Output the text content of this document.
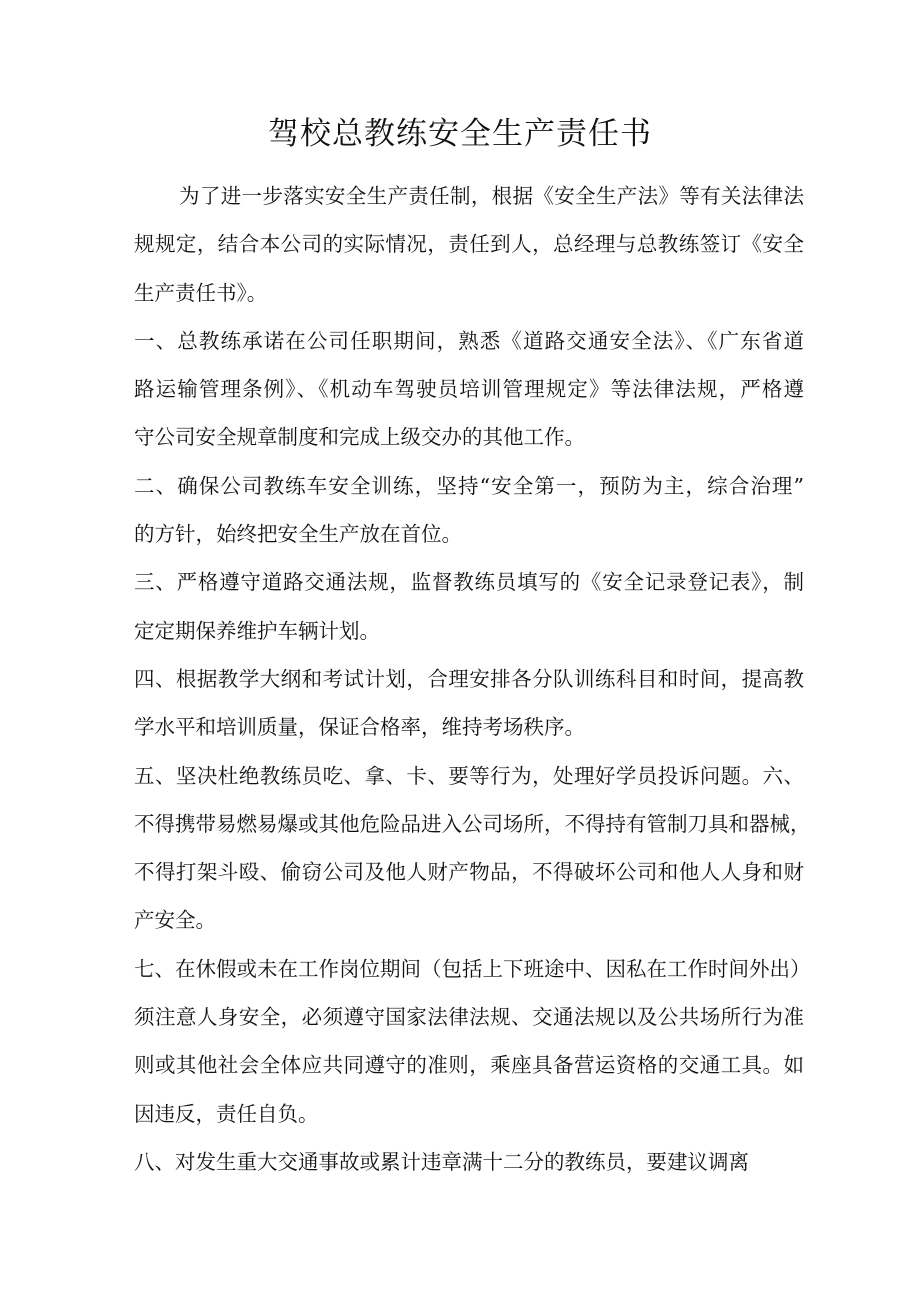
驾校总教练安全生产责任书
为了进一步落实安全生产责任制，根据《安全生产法》等有关法律法
规规定，结合本公司的实际情况，责任到人，总经理与总教练签订《安全
生产责任书》。
一、总教练承诺在公司任职期间，熟悉《道路交通安全法》、《广东省道
路运输管理条例》、《机动车驾驶员培训管理规定》等法律法规，严格遵
守公司安全规章制度和完成上级交办的其他工作。
二、确保公司教练车安全训练，坚持“安全第一，预防为主，综合治理”
的方针，始终把安全生产放在首位。
三、严格遵守道路交通法规，监督教练员填写的《安全记录登记表》，制
定定期保养维护车辆计划。
四、根据教学大纲和考试计划，合理安排各分队训练科目和时间，提高教
学水平和培训质量，保证合格率，维持考场秩序。
五、坚决杜绝教练员吃、拿、卡、要等行为，处理好学员投诉问题。六、
不得携带易燃易爆或其他危险品进入公司场所，不得持有管制刀具和器械，
不得打架斗殴、偷窃公司及他人财产物品，不得破坏公司和他人人身和财
产安全。
七、在休假或未在工作岗位期间（包括上下班途中、因私在工作时间外出）
须注意人身安全，必须遵守国家法律法规、交通法规以及公共场所行为准
则或其他社会全体应共同遵守的准则，乘座具备营运资格的交通工具。如
因违反，责任自负。
八、对发生重大交通事故或累计违章满十二分的教练员，要建议调离
